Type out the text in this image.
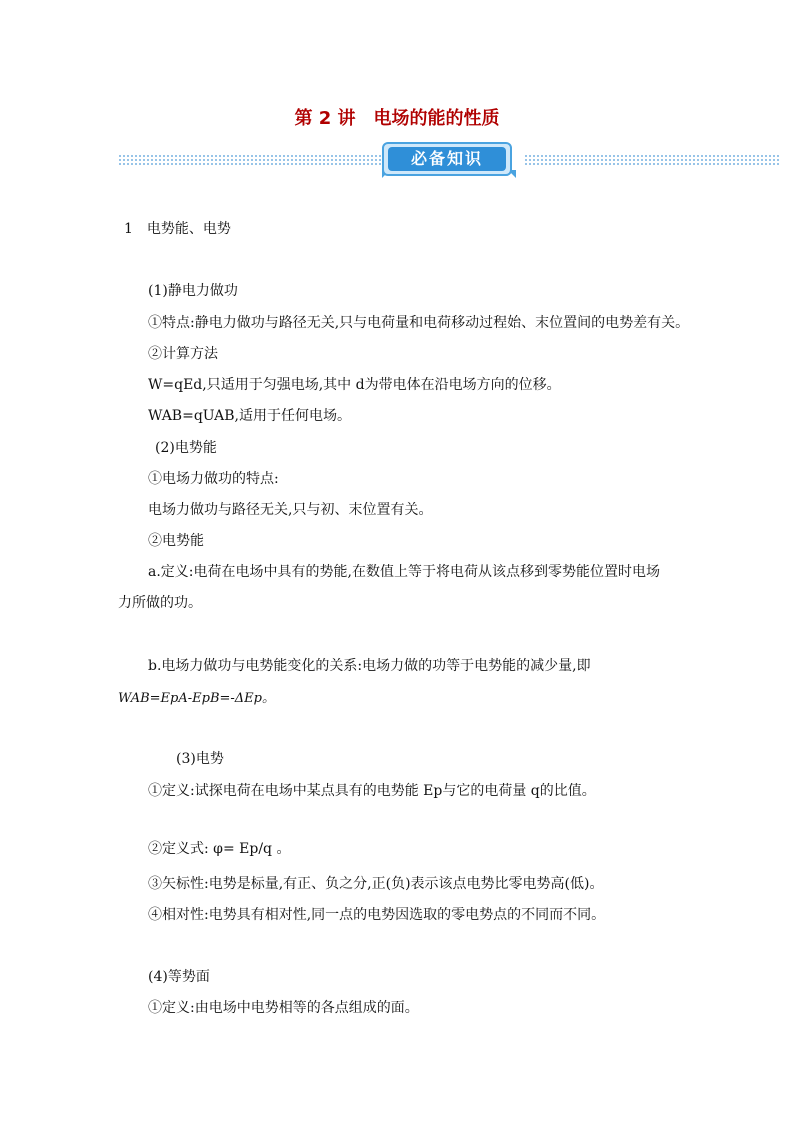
第 2 讲　电场的能的性质
必备知识
1　电势能、电势
(1)静电力做功
①特点:静电力做功与路径无关,只与电荷量和电荷移动过程始、末位置间的电势差有关。
②计算方法
W=qEd,只适用于匀强电场,其中 d为带电体在沿电场方向的位移。
WAB=qUAB,适用于任何电场。
(2)电势能
①电场力做功的特点:
电场力做功与路径无关,只与初、末位置有关。
②电势能
a.定义:电荷在电场中具有的势能,在数值上等于将电荷从该点移到零势能位置时电场
力所做的功。
b.电场力做功与电势能变化的关系:电场力做的功等于电势能的减少量,即
WAB=EpA-EpB=-ΔEp。
(3)电势
①定义:试探电荷在电场中某点具有的电势能 Ep与它的电荷量 q的比值。
②定义式: φ= Ep/q 。
③矢标性:电势是标量,有正、负之分,正(负)表示该点电势比零电势高(低)。
④相对性:电势具有相对性,同一点的电势因选取的零电势点的不同而不同。
(4)等势面
①定义:由电场中电势相等的各点组成的面。
